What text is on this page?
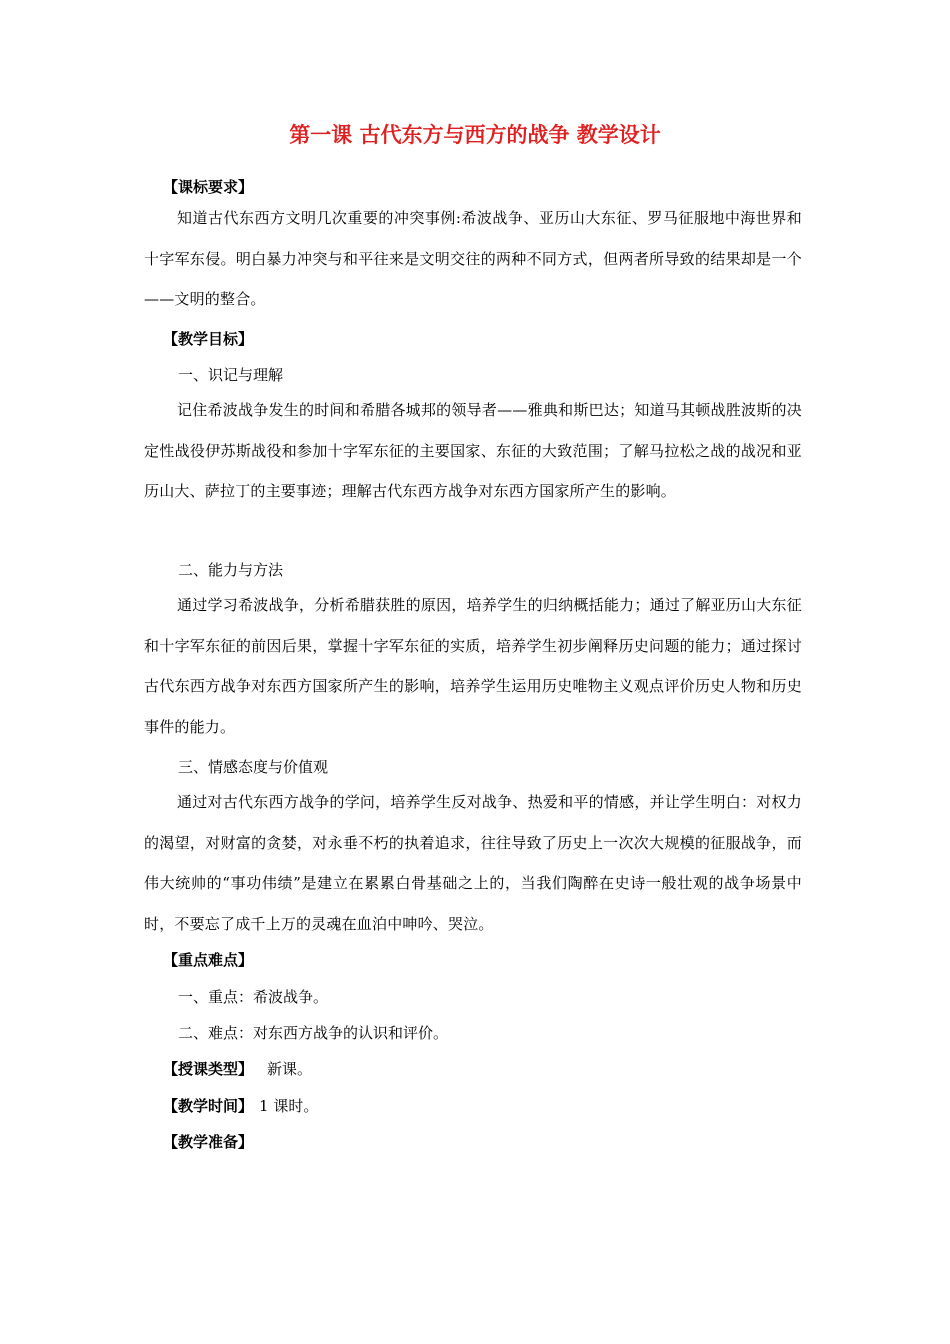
第一课 古代东方与西方的战争 教学设计
【课标要求】
知道古代东西方文明几次重要的冲突事例:希波战争、亚历山大东征、罗马征服地中海世界和十字军东侵。明白暴力冲突与和平往来是文明交往的两种不同方式，但两者所导致的结果却是一个——文明的整合。
【教学目标】
一、识记与理解
记住希波战争发生的时间和希腊各城邦的领导者——雅典和斯巴达；知道马其顿战胜波斯的决定性战役伊苏斯战役和参加十字军东征的主要国家、东征的大致范围；了解马拉松之战的战况和亚历山大、萨拉丁的主要事迹；理解古代东西方战争对东西方国家所产生的影响。
二、能力与方法
通过学习希波战争，分析希腊获胜的原因，培养学生的归纳概括能力；通过了解亚历山大东征和十字军东征的前因后果，掌握十字军东征的实质，培养学生初步阐释历史问题的能力；通过探讨古代东西方战争对东西方国家所产生的影响，培养学生运用历史唯物主义观点评价历史人物和历史事件的能力。
三、情感态度与价值观
通过对古代东西方战争的学问，培养学生反对战争、热爱和平的情感，并让学生明白：对权力的渴望，对财富的贪婪，对永垂不朽的执着追求，往往导致了历史上一次次大规模的征服战争，而伟大统帅的“事功伟绩”是建立在累累白骨基础之上的，当我们陶醉在史诗一般壮观的战争场景中时，不要忘了成千上万的灵魂在血泊中呻吟、哭泣。
【重点难点】
一、重点：希波战争。
二、难点：对东西方战争的认识和评价。
【授课类型】 新课。
【教学时间】 1 课时。
【教学准备】
